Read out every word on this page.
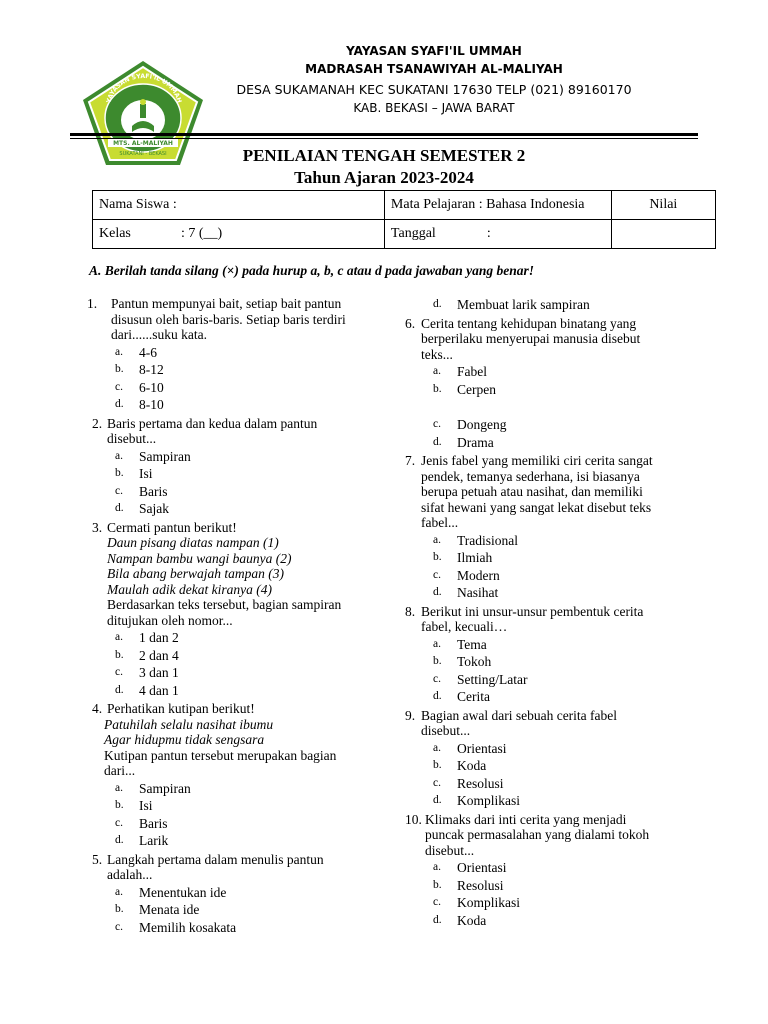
YAYASAN SYAFI'IL UMMAH
MTS. AL-MALIYAH
SUKATANI - BEKASI
YAYASAN SYAFI'IL UMMAH
MADRASAH TSANAWIYAH AL-MALIYAH
DESA SUKAMANAH KEC SUKATANI 17630 TELP (021) 89160170
KAB. BEKASI – JAWA BARAT
PENILAIAN TENGAH SEMESTER 2
Tahun Ajaran 2023-2024
Nama Siswa :	Mata Pelajaran : Bahasa Indonesia	Nilai
Kelas : 7 (__)	Tanggal :	
A. Berilah tanda silang (×) pada hurup a, b, c atau d pada jawaban yang benar!
1. Pantun mempunyai bait, setiap bait pantun
disusun oleh baris-baris. Setiap baris terdiri
dari......suku kata.
a. 4-6
b. 8-12
c. 6-10
d. 8-10
2. Baris pertama dan kedua dalam pantun
disebut...
a. Sampiran
b. Isi
c. Baris
d. Sajak
3. Cermati pantun berikut!
Daun pisang diatas nampan (1)
Nampan bambu wangi baunya (2)
Bila abang berwajah tampan (3)
Maulah adik dekat kiranya (4)
Berdasarkan teks tersebut, bagian sampiran
ditujukan oleh nomor...
a. 1 dan 2
b. 2 dan 4
c. 3 dan 1
d. 4 dan 1
4. Perhatikan kutipan berikut!
Patuhilah selalu nasihat ibumu
Agar hidupmu tidak sengsara
Kutipan pantun tersebut merupakan bagian
dari...
a. Sampiran
b. Isi
c. Baris
d. Larik
5. Langkah pertama dalam menulis pantun
adalah...
a. Menentukan ide
b. Menata ide
c. Memilih kosakata
d. Membuat larik sampiran
6. Cerita tentang kehidupan binatang yang
berperilaku menyerupai manusia disebut
teks...
a. Fabel
b. Cerpen
c. Dongeng
d. Drama
7. Jenis fabel yang memiliki ciri cerita sangat
pendek, temanya sederhana, isi biasanya
berupa petuah atau nasihat, dan memiliki
sifat hewani yang sangat lekat disebut teks
fabel...
a. Tradisional
b. Ilmiah
c. Modern
d. Nasihat
8. Berikut ini unsur-unsur pembentuk cerita
fabel, kecuali…
a. Tema
b. Tokoh
c. Setting/Latar
d. Cerita
9. Bagian awal dari sebuah cerita fabel
disebut...
a. Orientasi
b. Koda
c. Resolusi
d. Komplikasi
10. Klimaks dari inti cerita yang menjadi
puncak permasalahan yang dialami tokoh
disebut...
a. Orientasi
b. Resolusi
c. Komplikasi
d. Koda
